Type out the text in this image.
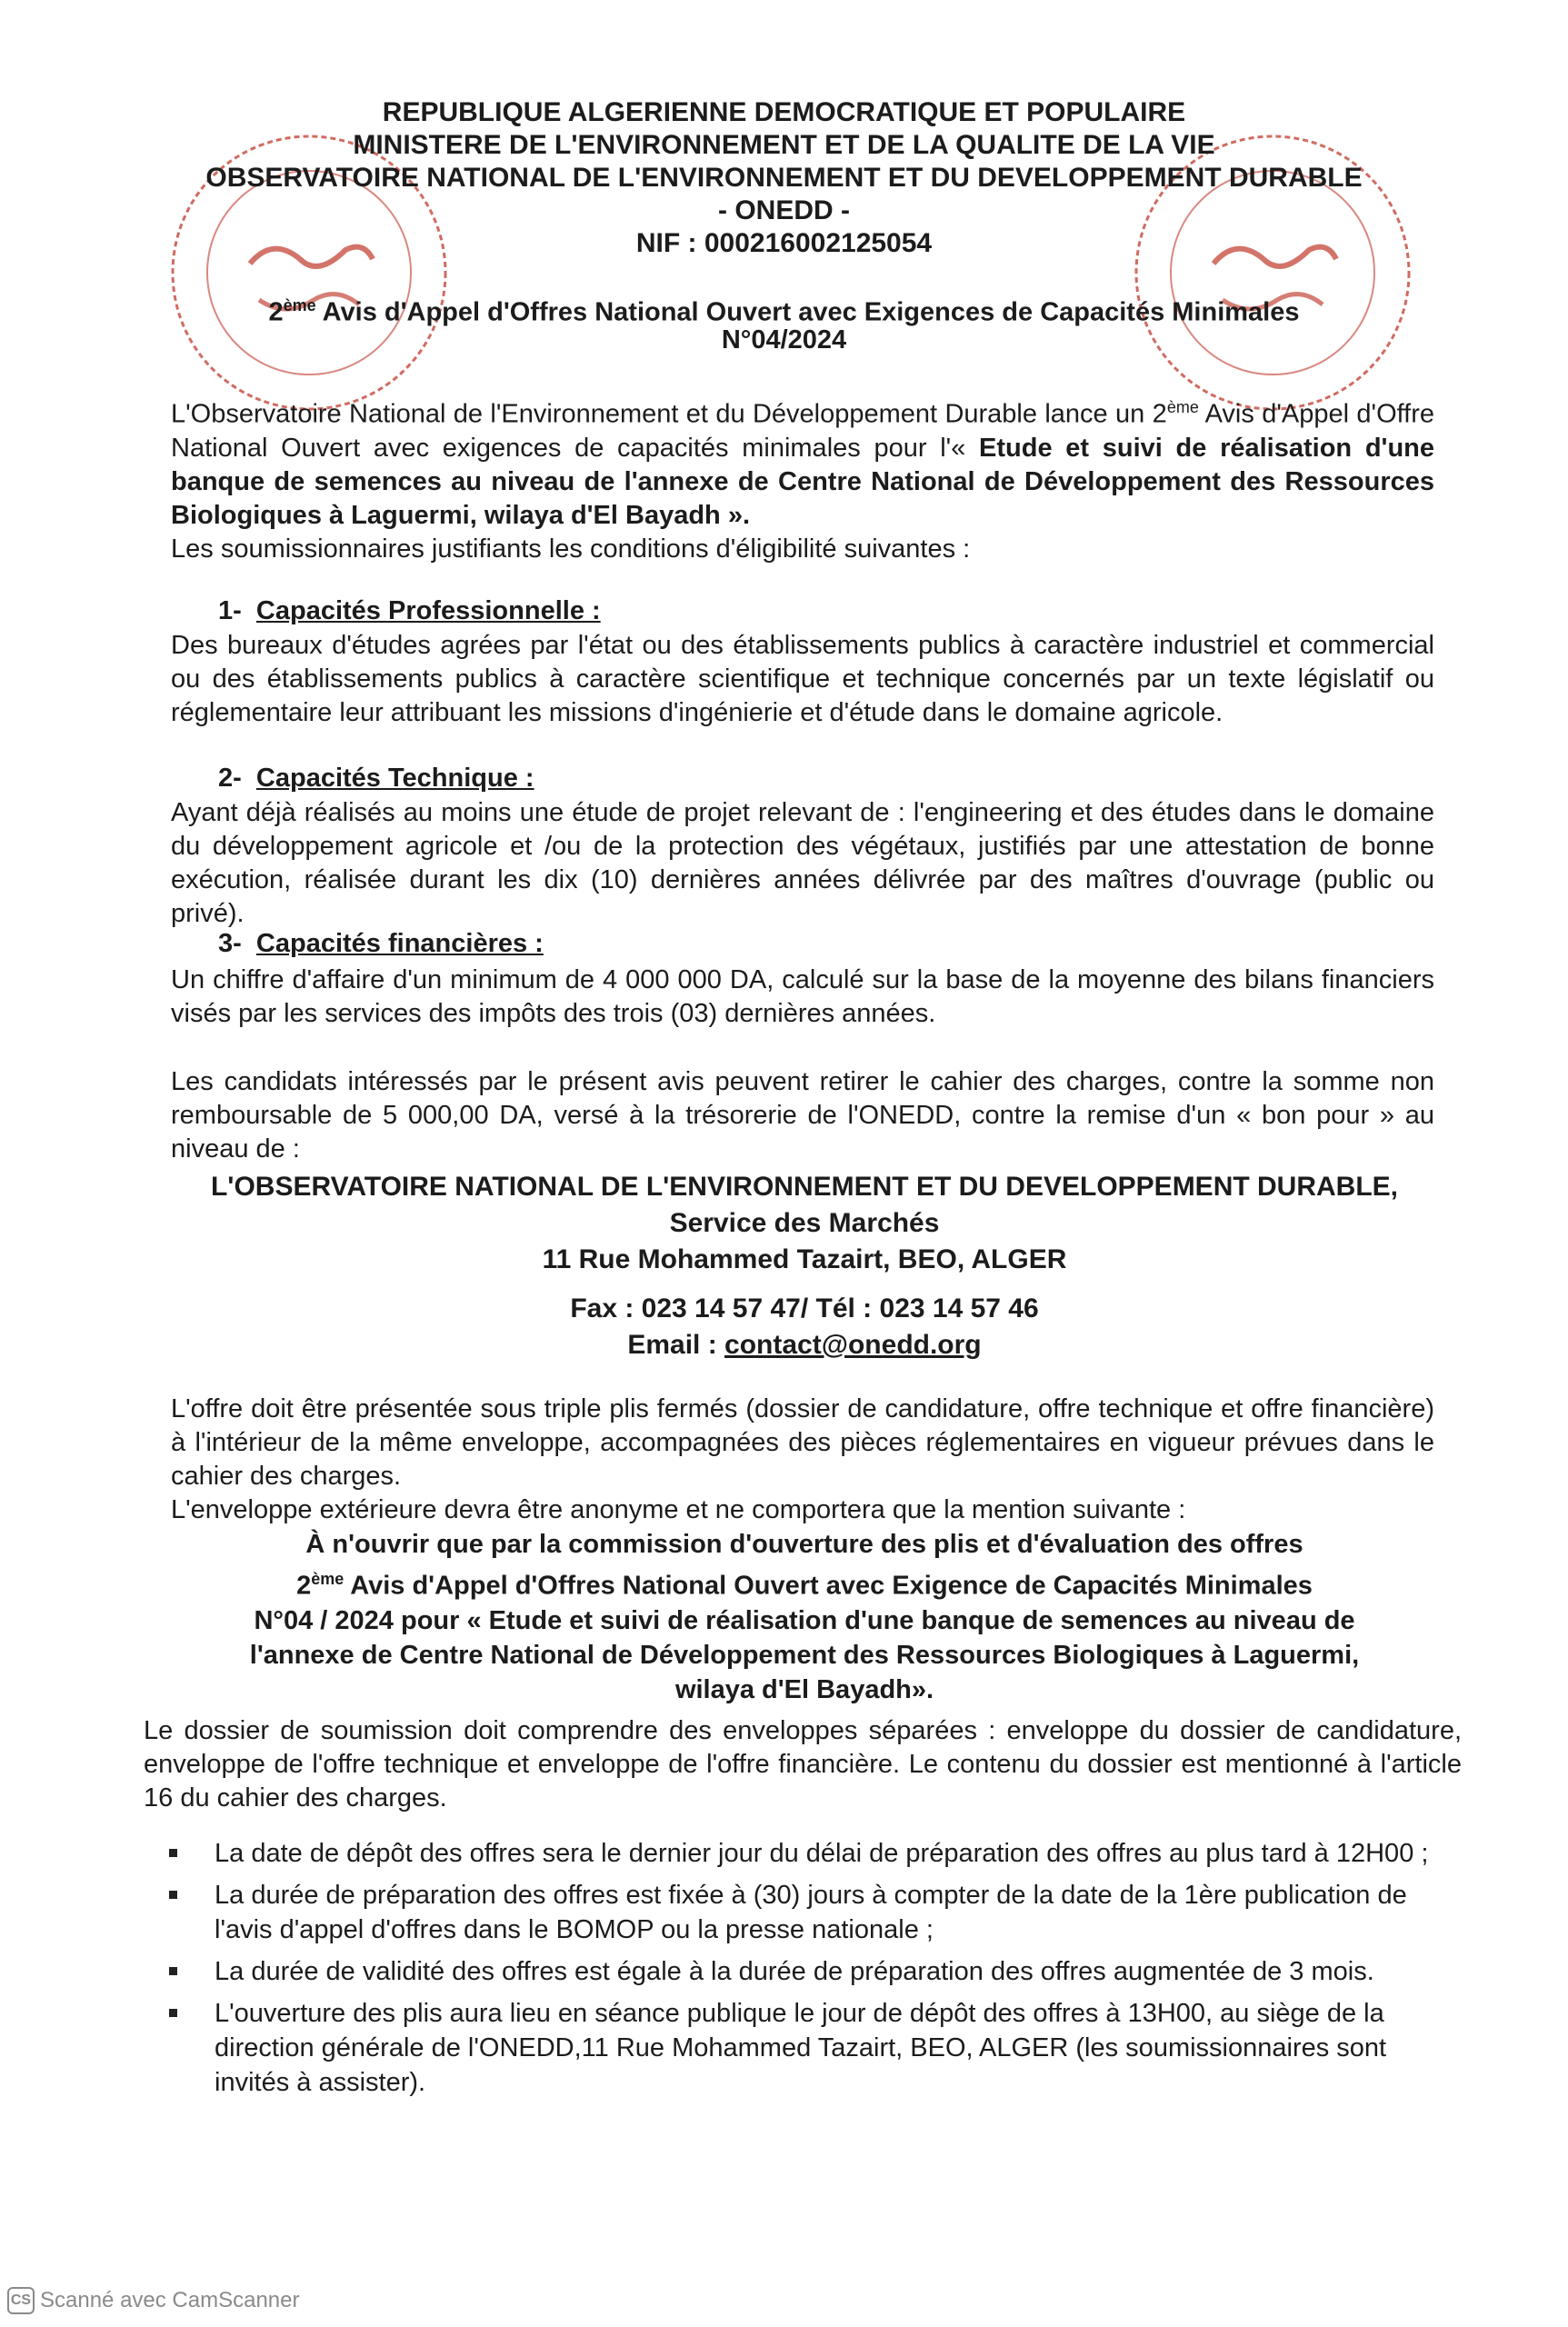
REPUBLIQUE ALGERIENNE DEMOCRATIQUE ET POPULAIRE
MINISTERE DE L'ENVIRONNEMENT ET DE LA QUALITE DE LA VIE
OBSERVATOIRE NATIONAL DE L'ENVIRONNEMENT ET DU DEVELOPPEMENT DURABLE
- ONEDD -
NIF : 000216002125054
2ème Avis d'Appel d'Offres National Ouvert avec Exigences de Capacités Minimales
N°04/2024

L'Observatoire National de l'Environnement et du Développement Durable lance un 2ème Avis d'Appel d'Offre National Ouvert avec exigences de capacités minimales pour l'« Etude et suivi de réalisation d'une banque de semences au niveau de l'annexe de Centre National de Développement des Ressources Biologiques à Laguermi, wilaya d'El Bayadh ».

Les soumissionnaires justifiants les conditions d'éligibilité suivantes :

1- Capacités Professionnelle :
Des bureaux d'études agrées par l'état ou des établissements publics à caractère industriel et commercial ou des établissements publics à caractère scientifique et technique concernés par un texte législatif ou réglementaire leur attribuant les missions d'ingénierie et d'étude dans le domaine agricole.
2- Capacités Technique :
Ayant déjà réalisés au moins une étude de projet relevant de : l'engineering et des études dans le domaine du développement agricole et /ou de la protection des végétaux, justifiés par une attestation de bonne exécution, réalisée durant les dix (10) dernières années délivrée par des maîtres d'ouvrage (public ou privé).
3- Capacités financières :
Un chiffre d'affaire d'un minimum de 4 000 000 DA, calculé sur la base de la moyenne des bilans financiers visés par les services des impôts des trois (03) dernières années.
Les candidats intéressés par le présent avis peuvent retirer le cahier des charges, contre la somme non remboursable de 5 000,00 DA, versé à la trésorerie de l'ONEDD, contre la remise d'un « bon pour » au niveau de :
L'OBSERVATOIRE NATIONAL DE L'ENVIRONNEMENT ET DU DEVELOPPEMENT DURABLE,
Service des Marchés
11 Rue Mohammed Tazairt, BEO, ALGER
Fax : 023 14 57 47/ Tél : 023 14 57 46
Email : contact@onedd.org

L'offre doit être présentée sous triple plis fermés (dossier de candidature, offre technique et offre financière) à l'intérieur de la même enveloppe, accompagnées des pièces réglementaires en vigueur prévues dans le cahier des charges.

L'enveloppe extérieure devra être anonyme et ne comportera que la mention suivante :

À n'ouvrir que par la commission d'ouverture des plis et d'évaluation des offres
2ème Avis d'Appel d'Offres National Ouvert avec Exigence de Capacités Minimales
N°04 / 2024 pour « Etude et suivi de réalisation d'une banque de semences au niveau de
l'annexe de Centre National de Développement des Ressources Biologiques à Laguermi,
wilaya d'El Bayadh».
Le dossier de soumission doit comprendre des enveloppes séparées : enveloppe du dossier de candidature, enveloppe de l'offre technique et enveloppe de l'offre financière. Le contenu du dossier est mentionné à l'article 16 du cahier des charges.
La date de dépôt des offres sera le dernier jour du délai de préparation des offres au plus tard à 12H00 ;
La durée de préparation des offres est fixée à (30) jours à compter de la date de la 1ère publication de l'avis d'appel d'offres dans le BOMOP ou la presse nationale ;
La durée de validité des offres est égale à la durée de préparation des offres augmentée de 3 mois.
L'ouverture des plis aura lieu en séance publique le jour de dépôt des offres à 13H00, au siège de la direction générale de l'ONEDD,11 Rue Mohammed Tazairt, BEO, ALGER (les soumissionnaires sont invités à assister).
CS Scanné avec CamScanner
